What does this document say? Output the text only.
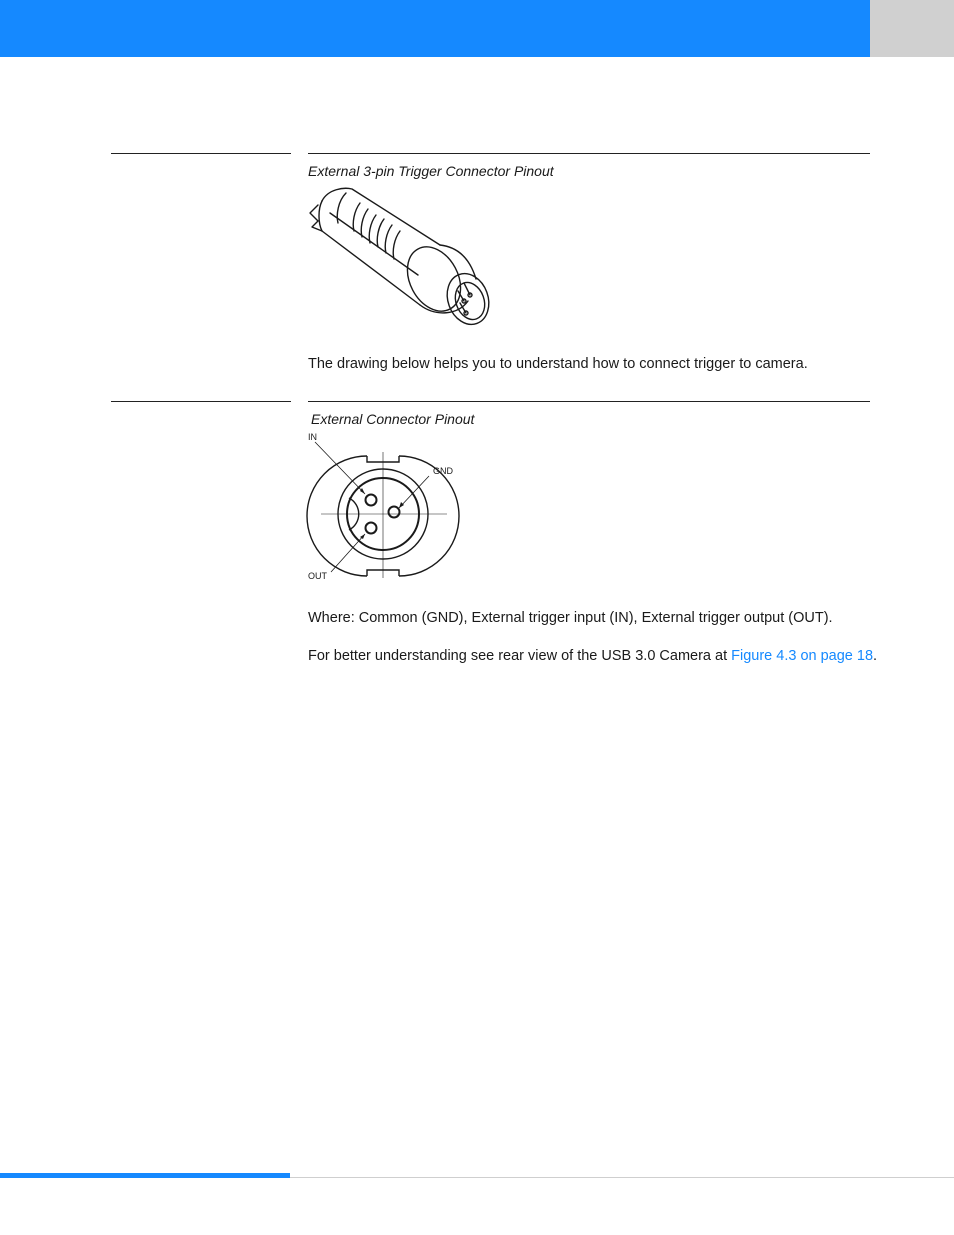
External 3-pin Trigger Connector Pinout
The drawing below helps you to understand how to connect trigger to camera.
External Connector Pinout
IN
GND
OUT
Where: Common (GND), External trigger input (IN), External trigger output (OUT).
For better understanding see rear view of the USB 3.0 Camera at Figure 4.3 on page 18.
